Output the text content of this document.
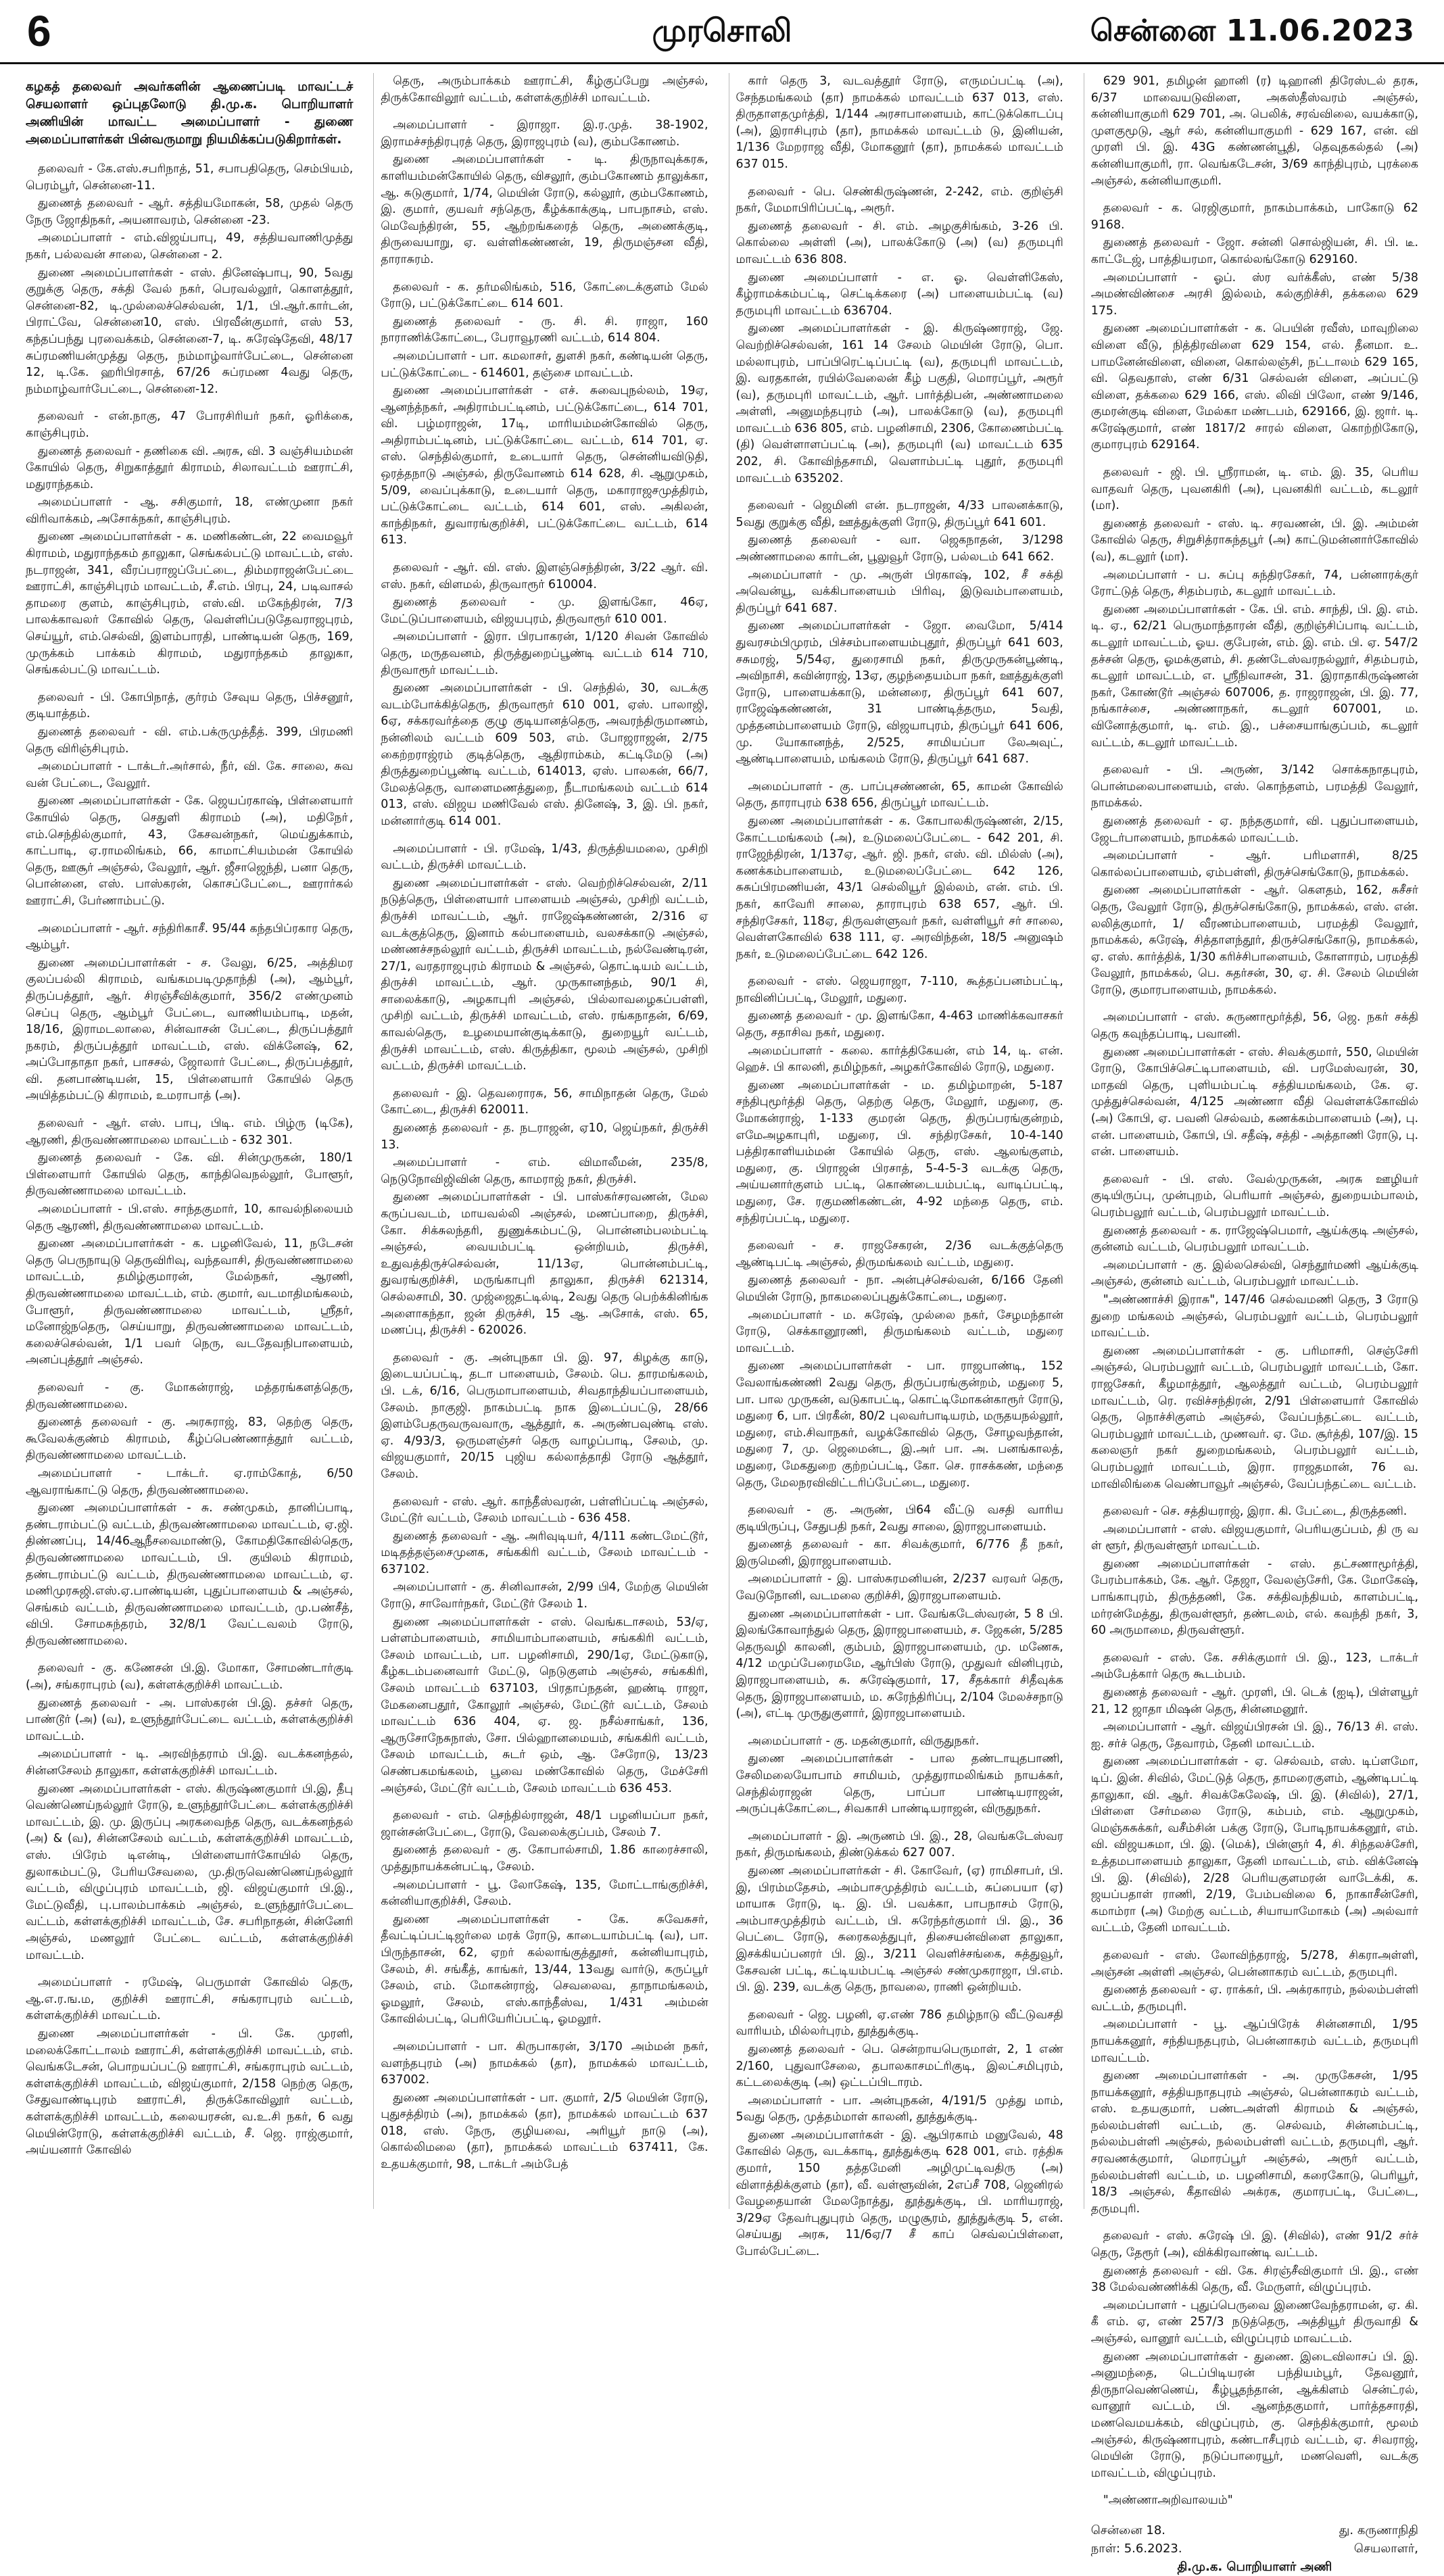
6	முரசொலி	சென்னை 11.06.2023
கழகத் தலைவர் அவர்களின் ஆணைப்படி மாவட்டச் செயலாளர் ஒப்புதலோடு தி.மு.க. பொறியாளர் அணியின் மாவட்ட அமைப்பாளர் - துணை அமைப்பாளர்கள் பின்வருமாறு நியமிக்கப்படுகிறார்கள்.
தலைவர் - கே.எஸ்.சபரிநாத், 51, சபாபதிதெரு, செம்பியம், பெரம்பூர், சென்னை-11.
துணைத் தலைவர் - ஆர். சத்தியமோகன், 58, முதல் தெரு நேரு ஜோதிநகர், அயனாவரம், சென்னை -23.
அமைப்பாளர் - எம்.விஜய்பாபு, 49, சத்தியவாணிமுத்து நகர், பல்லவன் சாலை, சென்னை - 2.
துணை அமைப்பாளர்கள் - எஸ். தினேஷ்பாபு, 90, 5வது குறுக்கு தெரு, சக்தி வேல் நகர், பெரவல்லூர், கொளத்தூர், சென்னை-82, டி.முல்லைச்செல்வன், 1/1, பி.ஆர்.கார்டன், பிராட்வே, சென்னை10, எஸ். பிரவீன்குமார், எஸ் 53, கந்தப்பந்து புரவைக்கம், சென்னை-7, டி. சுரேஷ்தேவி, 48/17 சுப்ரமணியன்முத்து தெரு, நம்மாழ்வார்பேட்டை, சென்னை 12, டி.கே. ஹரிபிரசாத், 67/26 சுப்ரமண 4வது தெரு, நம்மாழ்வார்பேட்டை, சென்னை-12.
தலைவர் - என்.நாகு, 47 போரசிரியர் நகர், ஓரிக்கை, காஞ்சிபுரம்.
துணைத் தலைவர் - தணிகை வி. அரசு, வி. 3 வஞ்சியம்மன் கோயில் தெரு, சிறுகாத்தூர் கிராமம், சிலாவட்டம் ஊராட்சி, மதுராந்தகம்.
அமைப்பாளர் - ஆ. சசிகுமார், 18, எண்முனா நகர் விரிவாக்கம், அசோக்நகர், காஞ்சிபுரம்.
துணை அமைப்பாளர்கள் - க. மணிகண்டன், 22 வைமவூர் கிராமம், மதுராந்தகம் தாலுகா, செங்கல்பட்டு மாவட்டம், எஸ். நடராஜன், 341, வீரப்பராஜப்பேட்டை, திம்மராஜன்பேட்டை ஊராட்சி, காஞ்சிபுரம் மாவட்டம், சீ.எம். பிரபு, 24, படிவாசல் தாமரை குளம், காஞ்சிபுரம், எஸ்.வி. மகேந்திரன், 7/3 பாலக்காவலர் கோவில் தெரு, வெள்ளிப்படுதேவராஜபுரம், செய்யூர், எம்.செல்வி, இளம்பாரதி, பாண்டியன் தெரு, 169, முருக்கம் பாக்கம் கிராமம், மதுராந்தகம் தாலுகா, செங்கல்பட்டு மாவட்டம்.
தலைவர் - பி. கோபிநாத், குர்ரம் சேவுய தெரு, பிச்சனூர், குடியாத்தம்.
துணைத் தலைவர் - வி. எம்.பக்ருமுத்தீத். 399, பிரமணி தெரு விரிஞ்சிபுரம்.
அமைப்பாளர் - டாக்டர்.அர்சால், நீர், வி. கே. சாலை, சுவ வன் பேட்டை, வேலூர்.
துணை அமைப்பாளர்கள் - கே. ஜெயப்ரகாஷ், பிள்ளையார் கோயில் தெரு, செதுளி கிராமம் (அ), மதிநோ், எம்.செந்தில்குமார், 43, கேசவன்நகர், மெய்துக்காம், காட்பாடி, ஏ.ராமலிங்கம், 66, காமாட்சியம்மன் கோயில் தெரு, ஊசூர் அஞ்சல், வேலூர், ஆர். ஜீசாஜெந்தி, பனா தெரு, பொன்னை, எஸ். பாஸ்கரன், கொசப்பேட்டை, ஊரார்கல் ஊராட்சி, பேர்ணாம்பட்டு.
அமைப்பாளர் - ஆர். சந்திரிகாசீ. 95/44 கந்தபிப்ரகார தெரு, ஆம்பூர்.
துணை அமைப்பாளர்கள் - ச. வேலு, 6/25, அத்திமர குலப்பல்லி கிராமம், வங்கமபடிமுதாந்தி (அ), ஆம்பூர், திருப்பத்தூர், ஆர். சிரஞ்சீவிக்குமார், 356/2 எண்முனம் செப்பு தெரு, ஆம்பூர் பேட்டை, வாணியம்பாடி, மதன், 18/16, இராமடலாலை, சின்வாசன் பேட்டை, திருப்பத்தூர் நகரம், திருப்பத்தூர் மாவட்டம், எஸ். விக்னேஷ், 62, அப்போதாதா நகர், பாசசல், ஜோலார் பேட்டை, திருப்பத்தூர், வி. தனபாண்டியன், 15, பிள்ளையார் கோயில் தெரு அயித்தம்பட்டு கிராமம், உமராபாத் (அ).
தலைவர் - ஆர். எஸ். பாபு, பிடி. எம். பிழ்ரு (டிகே), ஆரணி, திருவண்ணாமலை மாவட்டம் - 632 301.
துணைத் தலைவர் - கே. வி. சின்முருகன், 180/1 பிள்ளையார் கோயில் தெரு, காந்திவெநல்லூர், போளூர், திருவண்ணாமலை மாவட்டம்.
அமைப்பாளர் - பி.எஸ். சாந்தகுமார், 10, காவல்நிலையம் தெரு ஆரணி, திருவண்ணாமலை மாவட்டம்.
துணை அமைப்பாளர்கள் - க. பழனிவேல், 11, நடேசன் தெரு பெருநாயுடு தெருவிரிவு, வந்தவாசி, திருவண்ணாமலை மாவட்டம், தமிழ்குமாரன், மேல்நகர், ஆரணி, திருவண்ணாமலை மாவட்டம், எம். குமார், வடமாதிமங்கலம், போளூர், திருவண்ணாமலை மாவட்டம், ஸ்ரீதர், மனோஜ்நதெரு, செய்யாறு, திருவண்ணாமலை மாவட்டம், கலைச்செல்வன், 1/1 பவர் நெரு, வடதேவநிபாளையம், அனப்புத்தூர் அஞ்சல்.
தலைவர் - கு. மோகன்ராஜ், மத்தரங்களத்தெரு, திருவண்ணாமலை.
துணைத் தலைவர் - கு. அரசுராஜ், 83, தெற்கு தெரு, கூவேலக்குண்ம் கிராமம், கீழ்ப்பெண்ணாத்தூர் வட்டம், திருவண்ணாமலை மாவட்டம்.
அமைப்பாளர் - டாக்டர். ஏ.ராம்கோத், 6/50 ஆவராங்காட்டு தெரு, திருவண்ணாமலை.
துணை அமைப்பாளர்கள் - சு. சண்முகம், தானிப்பாடி, தண்டராம்பட்டு வட்டம், திருவண்ணாமலை மாவட்டம், ஏ.ஜி. திண்ணப்பு, 14/46ஆநீசவைமாண்டு, கோமதிகோவில்தெரு, திருவண்ணாமலை மாவட்டம், பி. குயிலம் கிராமம், தண்டராம்பட்டு வட்டம், திருவண்ணாமலை மாவட்டம், ஏ. மணிமுரசுஜி.எஸ்.ஏ.பாண்டியன், புதுப்பாளையம் & அஞ்சல், செங்கம் வட்டம், திருவண்ணாமலை மாவட்டம், மு.பண்சீத், விபி. சோமசுந்தரம், 32/8/1 வேட்டவலம் ரோடு, திருவண்ணாமலை.
தலைவர் - கு. கணேசன் பி.இ. மோகா, சோமண்டார்குடி (அ), சங்கராபுரம் (வ), கள்ளக்குறிச்சி மாவட்டம்.
துணைத் தலைவர் - அ. பாஸ்கரன் பி.இ. தச்சர் தெரு, பாண்டூர் (அ) (வ), உளுந்தூர்பேட்டை வட்டம், கள்ளக்குறிச்சி மாவட்டம்.
அமைப்பாளர் - டி. அரவிந்தராம் பி.இ. வடக்கனந்தல், சின்னசேலம் தாலுகா, கள்ளக்குறிச்சி மாவட்டம்.
துணை அமைப்பாளர்கள் - எஸ். கிருஷ்ணகுமார் பி.இ, தீபு வெண்ணெய்நல்லூர் ரோடு, உளுந்தூர்பேட்டை கள்ளக்குறிச்சி மாவட்டம், இ. மு. இருப்பு அரகவைந்த தெரு, வடக்கனந்தல் (அ) & (வ), சின்னசேலம் வட்டம், கள்ளக்குறிச்சி மாவட்டம், எஸ். பிரேம் டிஎன்டி, பிள்ளையார்கோயில் தெரு, துலாகம்பட்டு, பேரியசேவலை, மு.திருவெண்ணெய்நல்லூர் வட்டம், விழுப்புரம் மாவட்டம், ஜி. விஜய்குமார் பி.இ., மேட்டுவீதி, பு.பாலம்பாக்கம் அஞ்சல், உளுந்தூர்பேட்டை வட்டம், கள்ளக்குறிச்சி மாவட்டம், சே. சபரிநாதன், சின்னேரி அஞ்சல், மணலூர் பேட்டை வட்டம், கள்ளக்குறிச்சி மாவட்டம்.
அமைப்பாளர் - ரமேஷ், பெருமாள் கோவில் தெரு, ஆ.எ.ர.ங.ம, குறிச்சி ஊராட்சி, சங்கராபுரம் வட்டம், கள்ளக்குறிச்சி மாவட்டம்.
துணை அமைப்பாளர்கள் - பி. கே. முரளி, மலைக்கோட்டாலம் ஊராட்சி, கள்ளக்குறிச்சி மாவட்டம், எம். வெங்கடேசன், பொறயப்பட்டு ஊராட்சி, சங்கராபுரம் வட்டம், கள்ளக்குறிச்சி மாவட்டம், விஜய்குமார், 2/158 நெற்கு தெரு, சேதுவாண்டிபுரம் ஊராட்சி, திருக்கோவிலூர் வட்டம், கள்ளக்குறிச்சி மாவட்டம், கலையரசன், வ.உ.சி நகர், 6 வது மெயின்ரோடு, கள்ளக்குறிச்சி வட்டம், சீ. ஜெ. ராஜ்குமார், அய்யனார் கோவில்
தெரு, அரும்பாக்கம் ஊராட்சி, கீழ்குப்பேறு அஞ்சல், திருக்கோவிலூர் வட்டம், கள்ளக்குறிச்சி மாவட்டம்.
அமைப்பாளர் - இராஜா. இ.ர.முத். 38-1902, இராமச்சந்திரபுரத் தெரு, இராஜபுரம் (வ), கும்பகோணம்.
துணை அமைப்பாளர்கள் - டி. திருநாவுக்கரசு, காளியம்மன்கோயில் தெரு, விசலூர், கும்பகோணம் தாலுக்கா, ஆ. சுடுகுமார், 1/74, மெயின் ரோடு, கல்லூர், கும்பகோணம், இ. குமார், குயவர் சந்தெரு, கீழ்க்காக்குடி, பாபநாசம், எஸ். மெவேந்திரன், 55, ஆற்றங்கரைத் தெரு, அணைக்குடி, திருவையாறு, ஏ. வள்ளிகண்ணன், 19, திருமஞ்சன வீதி, தாராசுரம்.
தலைவர் - க. தர்மலிங்கம், 516, கோட்டைக்குளம் மேல் ரோடு, பட்டுக்கோட்டை 614 601.
துணைத் தலைவர் - ரு. சி. சி. ராஜா, 160 நாராணிக்கோட்டை, பேராவூரணி வட்டம், 614 804.
அமைப்பாளர் - பா. கமலாசர், துளசி நகர், கண்டியன் தெரு, பட்டுக்கோட்டை - 614601, தஞ்சை மாவட்டம்.
துணை அமைப்பாளர்கள் - எச். சுவைபுநல்லம், 19ஏ, ஆனந்த்நகர், அதிராம்பட்டினம், பட்டுக்கோட்டை, 614 701, வி. பழ்மராஜன், 17டி, மாரியம்மன்கோவில் தெரு, அதிராம்பட்டினம், பட்டுக்கோட்டை வட்டம், 614 701, ஏ. எஸ். செந்தில்குமார், உடையார் தெரு, சென்னியவிடுதி, ஒரத்தநாடு அஞ்சல், திருவோணம் 614 628, சி. ஆறுமுகம், 5/09, வைப்புக்காடு, உடையார் தெரு, மகாராஜசமுத்திரம், பட்டுக்கோட்டை வட்டம், 614 601, எஸ். அகிலன், காந்திநகர், துவாரங்குறிச்சி, பட்டுக்கோட்டை வட்டம், 614 613.
தலைவர் - ஆர். வி. எஸ். இளஞ்செந்திரன், 3/22 ஆர். வி. எஸ். நகர், விளமல், திருவாரூர் 610004.
துணைத் தலைவர் - மு. இளங்கோ, 46ஏ, மேட்டுப்பாளையம், விஜயபுரம், திருவாரூர் 610 001.
அமைப்பாளர் - இரா. பிரபாகரன், 1/120 சிவன் கோவில் தெரு, மருதவனம், திருத்துறைப்பூண்டி வட்டம் 614 710, திருவாரூர் மாவட்டம்.
துணை அமைப்பாளர்கள் - பி. செந்தில், 30, வடக்கு வடம்போக்கித்தெரு, திருவாரூர் 610 001, ஏஸ். பாலாஜி, 6ஏ, சக்கரவர்த்தை குழு குடியானத்தெரு, அவரந்திருமாணம், நன்னிலம் வட்டம் 609 503, எம். போஜராஜன், 2/75 கைற்றராஜ்ரம் குடித்தெரு, ஆதிராம்கம், கட்டிமேடு (அ) திருத்துறைப்பூண்டி வட்டம், 614013, ஏஸ். பாலகன், 66/7, மேலத்தெரு, வாளைமணத்துறை, நீடாமங்கலம் வட்டம் 614 013, எஸ். விஜய மணிவேல் எஸ். தினேஷ், 3, இ. பி. நகர், மன்னார்குடி 614 001.
அமைப்பாளர் - பி. ரமேஷ், 1/43, திருத்தியமலை, முசிறி வட்டம், திருச்சி மாவட்டம்.
துணை அமைப்பாளர்கள் - எஸ். வெற்றிச்செல்வன், 2/11 நடுத்தெரு, பிள்ளையார் பாளையம் அஞ்சல், முசிறி வட்டம், திருச்சி மாவட்டம், ஆர். ராஜேஷ்கண்ணன், 2/316 ஏ வடக்குத்தெரு, இனாம் கல்பாளையம், வலசக்காடு அஞ்சல், மண்ணச்சநல்லூர் வட்டம், திருச்சி மாவட்டம், நல்வேண்டிரன், 27/1, வரதராஜபுரம் கிராமம் & அஞ்சல், தொட்டியம் வட்டம், திருச்சி மாவட்டம், ஆர். முருகானந்தம், 90/1 சி, சாலைக்காடு, அழகாபுரி அஞ்சல், பில்லாவழைகப்பள்ளி, முசிறி வட்டம், திருச்சி மாவட்டம், எஸ். ரங்கநாதன், 6/69, காவல்தெரு, உழமையான்குடிக்காடு, துறையூர் வட்டம், திருச்சி மாவட்டம், எஸ். கிருத்திகா, மூலம் அஞ்சல், முசிறி வட்டம், திருச்சி மாவட்டம்.
தலைவர் - இ. தெவரைாரசு, 56, சாமிநாதன் தெரு, மேல் கோட்டை, திருச்சி 620011.
துணைத் தலைவர் - த. நடராஜன், ஏ10, ஜெய்நகர், திருச்சி 13.
அமைப்பாளர் - எம். விமாலீமன், 235/8, நெடுநோவிஜிவின் தெரு, காமராஜ் நகர், திருச்சி.
துணை அமைப்பாளர்கள் - பி. பாஸ்கர்சரவணன், மேல கருப்பவடம், மாயவல்லி அஞ்சல், மணப்பாறை, திருச்சி, கோ. சிக்சுலந்தரி, துணுக்கம்பட்டு, பொன்னம்பலம்பட்டி அஞ்சல், வையம்பட்டி ஒன்றியம், திருச்சி, உதுவத்திருச்செல்வன், 11/13ஏ, பொன்னம்பட்டி, துவரங்குறிச்சி, மருங்காபுரி தாலுகா, திருச்சி 621314, செல்லசாமி, 30. முஜ்ஜைதட்டில்டி, 2வது தெரு பெற்க்கினிங்க அளைாகந்தா, ஜன் திருச்சி, 15 ஆ. அசோக், எஸ். 65, மணப்பு, திருச்சி - 620026.
தலைவர் - கு. அன்புநகா பி. இ. 97, கிழக்கு காடு, இடையப்பட்டி, தடா பாளையம், சேலம். பெ. தாரமங்கலம், பி. டக், 6/16, பெருமாபாளையம், சிவதாந்தியப்பாளையம், சேலம். நாகுஜி. நாகம்பட்டி நாக இடைப்பட்டு, 28/66 இளம்பேதருவருவவாரு, ஆத்தூர், க. அருண்பவுண்டி எஸ். ஏ. 4/93/3, ஒருமளஞ்சர் தெரு வாழப்பாடி, சேலம், மு. விஜயகுமார், 20/15 புஜிய கல்லாத்தாதி ரோடு ஆத்தூர், சேலம்.
தலைவர் - எஸ். ஆர். காந்தீஸ்வரன், பள்ளிப்பட்டி அஞ்சல், மேட்டூர் வட்டம், சேலம் மாவட்டம் - 636 458.
துணைத் தலைவர் - ஆ. அரிவுடியர், 4/111 கண்டமேட்டூர், மடிதத்தஞ்சைமுனக, சங்ககிரி வட்டம், சேலம் மாவட்டம் - 637102.
அமைப்பாளர் - கு. சினிவாசன், 2/99 பி4, மேற்கு மெயின் ரோடு, சாவோர்நகர், மேட்டூர் சேலம் 1.
துணை அமைப்பாளர்கள் - எஸ். வெங்கடாசலம், 53/ஏ, பள்ளம்பாளையம், சாமியாம்பாளையம், சங்ககிரி வட்டம், சேலம் மாவட்டம், பா. பழனிசாமி, 290/1ஏ, மேட்டுகாடு, கீழ்கடம்பனைவார் மேட்டு, நெடுகுளம் அஞ்சல், சங்ககிரி, சேலம் மாவட்டம் 637103, பிரதாப்நதன், ஹண்டி ராஜா, மேகனைபதூர், கோலூர் அஞ்சல், மேட்டூர் வட்டம், சேலம் மாவட்டம் 636 404, ஏ. ஜ. நசீல்சாங்கர், 136, ஆருசோநேசுநாஸ், சோ. பில்ஹானமையம், சங்ககிரி வட்டம், சேலம் மாவட்டம், சுடர் ஒம், ஆ. சேரோடு, 13/23 செண்பகமங்கலம், பூவை மண்கோவில் தெரு, மேச்சேரி அஞ்சல், மேட்டூர் வட்டம், சேலம் மாவட்டம் 636 453.
தலைவர் - எம். செந்தில்ராஜன், 48/1 பழனியப்பா நகர், ஜான்சன்பேட்டை, ரோடு, வேலைக்குப்பம், சேலம் 7.
துணைத் தலைவர் - கு. கோபால்சாமி, 1.86 காரைச்சாலி, முத்துநாயக்கன்பட்டி, சேலம்.
அமைப்பாளர் - பூ. லோகேஷ், 135, மோட்டாங்குறிச்சி, கன்னியாகுறிச்சி, சேலம்.
துணை அமைப்பாளர்கள் - கே. சுவேசுசர், தீவட்டிப்பட்டிஜர்லை மரக் ரோடு, காடையாம்பட்டி (வ), பா. பிருந்தாசன், 62, ஏறர் கல்லாங்குத்தூசர், கன்னியாபுரம், சேலம், சி. சங்கீத், காங்கர், 13/44, 13வது வார்டு, கருப்பூர் சேலம், எம். மோகன்ராஜ், செவலைவ, தாநாமங்கலம், ஓமலூர், சேலம், எஸ்.காந்தீஸ்வ, 1/431 அம்மன் கோவில்பட்டி, பெரியேரிப்பட்டி, ஓமலூர்.
அமைப்பாளர் - பா. கிருபாகரன், 3/170 அம்மன் நகர், வளந்தபுரம் (அ) நாமக்கல் (தா), நாமக்கல் மாவட்டம், 637002.
துணை அமைப்பாளர்கள் - பா. குமார், 2/5 மெயின் ரோடு, புதுசத்திரம் (அ), நாமக்கல் (தா), நாமக்கல் மாவட்டம் 637 018, எஸ். நேரு, குழியவை, அரியூர் நாடு (அ), கொல்லிமலை (தா), நாமக்கல் மாவட்டம் 637411, கே. உதயக்குமார், 98, டாக்டர் அம்பேத்
கார் தெரு 3, வடவத்தூர் ரோடு, எருமப்பட்டி (அ), சேந்தமங்கலம் (தா) நாமக்கல் மாவட்டம் 637 013, எஸ். திருதாளதமுர்த்தி, 1/144 அரசாபாளையம், காட்டுக்கொடப்பு (அ), இராசிபுரம் (தா), நாமக்கல் மாவட்டம் டு, இனியன், 1/136 மேறராஜ வீதி, மோகனூர் (தா), நாமக்கல் மாவட்டம் 637 015.
தலைவர் - பெ. செண்கிருஷ்ணன், 2-242, எம். குறிஞ்சி நகர், மேமாபிரிப்பட்டி, அரூர்.
துணைத் தலைவர் - சி. எம். அழகுசிங்கம், 3-26 பி. கொல்லை அள்ளி (அ), பாலக்கோடு (அ) (வ) தருமபுரி மாவட்டம் 636 808.
துணை அமைப்பாளர் - எ. ஓ. வெள்ளிகேஸ், கீழ்ராமக்கம்பட்டி, செட்டிக்கரை (அ) பாளையம்பட்டி (வ) தருமபுரி மாவட்டம் 636704.
துணை அமைப்பாளர்கள் - இ. கிருஷ்ணராஜ், ஜே. வெற்றிச்செல்வன், 161 14 சேலம் மெயின் ரோடு, பொ. மல்லாபுரம், பாப்பிரெட்டிப்பட்டி (வ), தருமபுரி மாவட்டம், இ. வரதகான், ரயில்வேலைன் கீழ் பகுதி, மொரப்பூர், அரூர் (வ), தருமபுரி மாவட்டம், ஆர். பார்த்திபன், அண்ணாமலை அள்ளி, அனுமந்தபுரம் (அ), பாலக்கோடு (வ), தருமபுரி மாவட்டம் 636 805, எம். பழனிசாமி, 2306, கோணைம்பட்டி (தி) வெள்ளாளப்பட்டி (அ), தருமபுரி (வ) மாவட்டம் 635 202, சி. கோவிந்தசாமி, வெளாம்பட்டி புதூர், தருமபுரி மாவட்டம் 635202.
தலைவர் - ஜெமினி என். நடராஜன், 4/33 பாலனக்காடு, 5வது குறுக்கு வீதி, ஊத்துக்குளி ரோடு, திருப்பூர் 641 601.
துணைத் தலைவர் - வா. ஜெகநாதன், 3/1298 அண்ணாமலை கார்டன், பூலுவூர் ரோடு, பல்லடம் 641 662.
அமைப்பாளர் - மு. அருள் பிரகாஷ், 102, சீ சக்தி அவென்யூ, வக்கிபாளையம் பிரிவு, இடுவம்பாளையம், திருப்பூர் 641 687.
துணை அமைப்பாளர்கள் - ஜோ. வைமோ, 5/414 துவரசம்பிமுரம், பிச்சம்பாளையம்புதூர், திருப்பூர் 641 603, சசுமரஜ், 5/54ஏ, துரைசாமி நகர், திருமுருகன்பூண்டி, அவிநாசி, கவின்ராஜ், 13ஏ, குழந்தையம்பா நகர், ஊத்துக்குளி ரோடு, பாளையக்காடு, மன்னரை, திருப்பூர் 641 607, ராஜேஷ்கண்ணன், 31 பாண்டித்தரும, 5வதி, முத்தனம்பாளையம் ரோடு, விஜயாபுரம், திருப்பூர் 641 606, மு. யோகானந்த், 2/525, சாமியப்பா லேஅவுட், ஆண்டிபாளையம், மங்கலம் ரோடு, திருப்பூர் 641 687.
அமைப்பாளர் - கு. பாப்புசண்ணன், 65, காமன் கோவில் தெரு, தாராபுரம் 638 656, திருப்பூர் மாவட்டம்.
துணை அமைப்பாளர்கள் - க. கோபாலகிருஷ்ணன், 2/15, கோட்டமங்கலம் (அ), உடுமலைப்பேட்டை - 642 201, சி. ராஜேந்திரன், 1/137ஏ, ஆர். ஜி. நகர், எஸ். வி. மில்ஸ் (அ), கணக்கம்பாளையம், உடுமலைப்பேட்டை 642 126, சுசுப்பிரமணியன், 43/1 செல்லியூர் இல்லம், என். எம். பி. நகர், காவேரி சாலை, தாராபுரம் 638 657, ஆர். பி. சந்திரசேகர், 118ஏ, திருவள்ளுவர் நகர், வள்ளியூர் சர் சாலை, வெள்ளகோவில் 638 111, ஏ. அரவிந்தன், 18/5 அனுஷம் நகர், உடுமலைப்பேட்டை 642 126.
தலைவர் - எஸ். ஜெயராஜா, 7-110, கூத்தப்பனம்பட்டி, நாவினிப்பட்டி, மேலூர், மதுரை.
துணைத் தலைவர் - மு. இளங்கோ, 4-463 மாணிக்கவாசகர் தெரு, சதாசிவ நகர், மதுரை.
அமைப்பாளர் - கலை. கார்த்திகேயன், எம் 14, டி. என். ஹெச். பி காலனி, தமிழ்நகர், அழகர்கோவில் ரோடு, மதுரை.
துணை அமைப்பாளர்கள் - ம. தமிழ்மாறன், 5-187 சந்திபுமூர்த்தி தெரு, தெற்கு தெரு, மேலூர், மதுரை, கு. மோகன்ராஜ், 1-133 குமரன் தெரு, திருப்பரங்குன்றம், எமேஅழகாபுரி, மதுரை, பி. சந்திரசேகர், 10-4-140 பத்திரகாளியம்மன் கோயில் தெரு, எஸ். ஆலங்குளம், மதுரை, கு. பிராஜன் பிரசாத், 5-4-5-3 வடக்கு தெரு, அய்யனார்குளம் பட்டி, கொண்டையம்பட்டி, வாடிப்பட்டி, மதுரை, சே. ரகுமணிகண்டன், 4-92 மந்தை தெரு, எம். சந்திரப்பட்டி, மதுரை.
தலைவர் - ச. ராஜசேகரன், 2/36 வடக்குத்தெரு ஆண்டிபட்டி அஞ்சல், திருமங்கலம் வட்டம், மதுரை.
துணைத் தலைவர் - நா. அன்புச்செல்வன், 6/166 தேனி மெயின் ரோடு, நாகமலைப்புதுக்கோட்டை, மதுரை.
அமைப்பாளர் - ம. சுரேஷ், முல்லை நகர், சேழமந்தான் ரோடு, செக்கானூரணி, திருமங்கலம் வட்டம், மதுரை மாவட்டம்.
துணை அமைப்பாளர்கள் - பா. ராஜபாண்டி, 152 வேலாங்கண்ணி 2வது தெரு, திருப்பரங்குன்றம், மதுரை 5, பா. பால முருகன், வடுகாபட்டி, கொட்டிமோகன்காரூர் ரோடு, மதுரை 6, பா. பிரகீன், 80/2 புலவர்பாடியரம், மருதயநல்லூர், மதுரை, எம்.சிவாநகர், வழக்கோவில் தெரு, சோழவந்தான், மதுரை 7, மு. ஜெமைன்ட, இ.அர் பா. அ. பனங்காலத், மதுரை, மேகதுறை குற்றப்பட்டி, கோ. செ. ராசக்கண், மந்தை தெரு, மேலநரவிவிட்டரிப்பேட்டை, மதுரை.
தலைவர் - கு. அருண், பி64 வீட்டு வசதி வாரிய குடியிருப்பு, சேதுபதி நகர், 2வது சாலை, இராஜபாளையம்.
துணைத் தலைவர் - கா. சிவக்குமார், 6/776 தீ நகர், இருமெனி, இராஜபாளையம்.
அமைப்பாளர் - இ. பாஸ்சுரமனியன், 2/237 வரவர் தெரு, வேடுநோனி, வடமலை குறிச்சி, இராஜபாளையம்.
துணை அமைப்பாளர்கள் - பா. வேங்கடேஸ்வரன், 5 8 பி. இலங்கோவாந்துல் தெரு, இராஜபாளையம், ச. ஜேகன், 5/285 தெருவழி காலனி, கும்பம், இராஜபாளையம், மு. மணேசு, 4/12 மமுப்பேரைமமே, ஆர்பிஸ் ரோடு, முதுவர் வினிபுரம், இராஜபாளையம், சு. சுரேஷ்குமார், 17, சீதக்கார் சிதீவுக்க தெரு, இராஜபாளையம், ம. சுரேந்திரிப்பு, 2/104 மேலச்சநாடு (அ), எட்டி முருதுகுளார், இராஜபாளையம்.
அமைப்பாளர் - கு. மதன்குமார், விருதுநகர்.
துணை அமைப்பாளர்கள் - பால தண்டாயுதபாணி, சேலிமலையோபாம் சாமியம், முத்துராமலிங்கம் நாயக்கர், செந்தில்ராஜன் தெரு, பாப்பா பாண்டியராஜன், அருப்புக்கோட்டை, சிவகாசி பாண்டியராஜன், விருதுநகர்.
அமைப்பாளர் - இ. அருணம் பி. இ., 28, வெங்கடேஸ்வர நகர், திருமங்கலம், திண்டுக்கல் 627 007.
துணை அமைப்பாளர்கள் - சி. கோவேர், (ஏ) ராமிசாபர், பி. இ, பிரம்மதேசம், அம்பாசமுத்திரம் வட்டம், சுப்பையா (ஏ) மாயாசு ரோடு, டி. இ. பி. பவக்கா, பாபநாசம் ரோடு, அம்பாசமுத்திரம் வட்டம், பி. சுரேந்தர்குமார் பி. இ., 36 பெட்டை ரோடு, சுரைகலத்துபுர், திசையன்விளை தாலுகா, இசக்கியப்பனரர் பி. இ., 3/211 வெளிச்சங்கை, சுத்துவூர், கேசவன் பட்டி, கட்டியம்பட்டி அஞ்சல் சண்முகராஜா, பி.எம். பி. இ. 239, வடக்கு தெரு, நாவலை, ராணி ஒன்றியம்.
தலைவர் - ஜெ. பழனி, ஏ.எண் 786 தமிழ்நாடு வீட்டுவசதி வாரியம், மில்லர்புரம், தூத்துக்குடி.
துணைத் தலைவர் - பெ. சென்றாயபெருமாள், 2, 1 எண் 2/160, புதுவாசேலை, தபாலகாசமட்ரிகுடி, இலட்சமிபுரம், கட்டலைக்குடி (அ) ஒட்டப்பிடாரம்.
அமைப்பாளர் - பா. அன்புநகன், 4/191/5 முத்து மாம், 5வது தெரு, முத்தம்மாள் காலனி, தூத்துக்குடி.
துணை அமைப்பாளர்கள் - இ. ஆபிரகாம் மனுவேல், 48 கோவில் தெரு, வடக்காடி, தூத்துக்குடி 628 001, எம். ரத்திசு குமார், 150 தத்தமேனி அழிமுட்டிவதிரு (அ) விளாத்திக்குளம் (தா), வீ. வள்ளூவின், 2எப்சீ 708, ஜெனிரல் வேழதையான் மேலநோத்து, தூத்துக்குடி, பி. மாரியராஜ், 3/29ஏ தேவர்புதுபுரம் தெரு, மழுசூரம், தூத்துக்குடி 5, என். செய்யது அரசு, 11/6ஏ/7 சீ காப் செவ்லப்பிள்ளை, போல்பேட்டை.
629 901, தமிழன் ஹானி (ர) டிஹானி திரேஸ்டல் தரசு, 6/37 மாவையடுவிளை, அகஸ்தீஸ்வரம் அஞ்சல், கன்னியாகுமரி 629 701, அ. பெலிக், சரவ்விலை, வயக்காடு, முளகுமூடு, ஆர் சல், கன்னியாகுமரி - 629 167, என். வி முரளி பி. இ. 43G கண்ணன்பூதி, தெவுதகல்தல் (அ) கன்னியாகுமரி, ரா. வெங்கடேசன், 3/69 காந்திபுரம், புரக்கை அஞ்சல், கன்னியாகுமரி.
தலைவர் - க. ரெஜிகுமார், நாகம்பாக்கம், பாகோடு 62 9168.
துணைத் தலைவர் - ஜோ. சன்னி சொல்ஜியன், சி. பி. டீ. காட்டேஜ், பாத்தியரமா, கொல்லங்கோடு 629160.
அமைப்பாளர் - ஓப். ஸ்ர வர்க்கீஸ், எண் 5/38 அமண்விண்சை அரசி இல்லம், கல்குறிச்சி, தக்கலை 629 175.
துணை அமைப்பாளர்கள் - க. பெயின் ரவீஸ், மாவுறிலை விளை வீடு, நித்திரவிளை 629 154, எல். தீனமா. உ. பாமனேன்விளை, வினை, கொல்லஞ்சி, நட்டாலம் 629 165, வி. தெவதாஸ், எண் 6/31 செல்வன் விளை, அப்பட்டு விளை, தக்கலை 629 166, எஸ். லிவி பிலோ, எண் 9/146, குமரன்குடி விளை, மேல்கா மண்டபம், 629166, இ. ஜார். டி. சுரேஷ்குமார், எண் 1817/2 சாரல் விளை, கொற்றிகோடு, குமாரபுரம் 629164.
தலைவர் - ஜி. பி. ஸ்ரீராமன், டி. எம். இ. 35, பெரிய வாதவர் தெரு, புவனகிரி (அ), புவனகிரி வட்டம், கடலூர் (மா).
துணைத் தலைவர் - எஸ். டி. சரவணன், பி. இ. அம்மன் கோவில் தெரு, சிறுசித்ராசுந்தபூர் (அ) காட்டுமன்னார்கோவில் (வ), கடலூர் (மா).
அமைப்பாளர் - ப. சுப்பு சுந்திரசேகர், 74, பன்னாரக்குர் ரோட்டுத் தெரு, சிதம்பரம், கடலூர் மாவட்டம்.
துணை அமைப்பாளர்கள் - கே. பி. எம். சாந்தி, பி. இ. எம். டி. ஏ., 62/21 பெருமாந்தாரன் வீதி, குறிஞ்சிப்பாடி வட்டம், கடலூர் மாவட்டம், ஓய. குபேரன், எம். இ. எம். பி. ஏ. 547/2 தச்சன் தெரு, ஓமக்குளம், சி. தண்டேஸ்வரநல்லூர், சிதம்பரம், கடலூர் மாவட்டம், எ. ஸ்ரீநிவாசன், 31. இராதாகிருஷ்ணன் நகர், கோண்டூர் அஞ்சல் 607006, த. ராஜராஜன், பி. இ. 77, நங்காச்சை, அண்ணாநகர், கடலூர் 607001, ம. வினோத்குமார், டி. எம். இ., பச்சையாங்குப்பம், கடலூர் வட்டம், கடலூர் மாவட்டம்.
தலைவர் - பி. அருண், 3/142 சொக்கநாதபுரம், பொன்மலைபாளையம், எஸ். கொந்தளம், பரமத்தி வேலூர், நாமக்கல்.
துணைத் தலைவர் - ஏ. நந்தகுமார், வி. புதுப்பாளையம், ஜேடர்பாளையம், நாமக்கல் மாவட்டம்.
அமைப்பாளர் - ஆர். பரிமளாசி, 8/25 கொல்லப்பாளையம், ஏம்பள்ளி, திருச்செங்கோடு, நாமக்கல்.
துணை அமைப்பாளர்கள் - ஆர். கௌதம், 162, சுசீசர் தெரு, வேலூர் ரோடு, திருச்செங்கோடு, நாமக்கல், எஸ். என். லலித்குமார், 1/ வீரணம்பாளையம், பரமத்தி வேலூர், நாமக்கல், சுரேஷ், சித்தாளந்தூர், திருச்செங்கோடு, நாமக்கல், ஏ. எஸ். கார்த்திக், 1/30 கரிச்சிபாளையம், கோளாரம், பரமத்தி வேலூர், நாமக்கல், பெ. சுதர்சன், 30, ஏ. சி. சேலம் மெயின் ரோடு, குமாரபாளையம், நாமக்கல்.
அமைப்பாளர் - எஸ். சுருணாமூர்த்தி, 56, ஜெ. நகர் சக்தி தெரு கவுந்தப்பாடி, பவானி.
துணை அமைப்பாளர்கள் - எஸ். சிவக்குமார், 550, மெயின் ரோடு, கோபிச்செட்டிபாளையம், வி. பரமேஸ்வரன், 30, மாதவி தெரு, புளியம்பட்டி சத்தியமங்கலம், கே. ஏ. முத்துச்செல்வன், 4/125 அண்ணா வீதி வெள்ளக்கோவில் (அ) கோபி, ஏ. பவனி செல்வம், கணக்கம்பாளையம் (அ), பு. என். பாளையம், கோபி, பி. சதீஷ், சத்தி - அத்தாணி ரோடு, பு. என். பாளையம்.
தலைவர் - பி. எஸ். வேல்முருகன், அரசு ஊழியர் குடியிருப்பு, முன்புறம், பெரியார் அஞ்சல், துறையம்பாலம், பெரம்பலூர் வட்டம், பெரம்பலூர் மாவட்டம்.
துணைத் தலைவர் - க. ராஜேஷ்பெமார், ஆய்க்குடி அஞ்சல், குன்னம் வட்டம், பெரம்பலூர் மாவட்டம்.
அமைப்பாளர் - கு. இல்லசெல்வி, செந்தூர்மணி ஆய்க்குடி அஞ்சல், குன்னம் வட்டம், பெரம்பலூர் மாவட்டம்.
"அண்ணாச்சி இராசு", 147/46 செல்வமணி தெரு, 3 ரோடு துறை மங்கலம் அஞ்சல், பெரம்பலூர் வட்டம், பெரம்பலூர் மாவட்டம்.
துணை அமைப்பாளர்கள் - கு. பரிமாசரி, செஞ்சேரி அஞ்சல், பெரம்பலூர் வட்டம், பெரம்பலூர் மாவட்டம், கோ. ராஜசேகர், கீழமாத்தூர், ஆலத்தூர் வட்டம், பெரம்பலூர் மாவட்டம், ரெ. ரவிச்சந்திரன், 2/91 பிள்ளையார் கோவில் தெரு, நொச்சிகுளம் அஞ்சல், வேப்பந்தட்டை வட்டம், பெரம்பலூர் மாவட்டம், முணவர். ஏ. மே. சூர்த்தி, 107/இ. 15 கலைஞர் நகர் துறைமங்கலம், பெரம்பலூர் வட்டம், பெரம்பலூர் மாவட்டம், இரா. ராஜதமான், 76 வ. மாவிலிங்கை வெண்பாவூர் அஞ்சல், வேப்பந்தட்டை வட்டம்.
தலைவர் - செ. சத்தியராஜ், இரா. கி. பேட்டை, திருத்தணி.
அமைப்பாளர் - எஸ். விஜயகுமார், பெரியகுப்பம், தி ரு வ ள் ளூர், திருவள்ளூர் மாவட்டம்.
துணை அமைப்பாளர்கள் - எஸ். தட்சணாமூர்த்தி, பேரம்பாக்கம், கே. ஆர். தேஜா, வேலஞ்சேரி, கே. மோகேஷ், பாங்காபுரம், திருத்தணி, கே. சக்திவந்தியம், காளம்பட்டி, மர்ரன்மேத்து, திருவள்ளூர், தண்டலம், எல். கவந்தி நகர், 3, 60 அருமாமை, திருவள்ளூர்.
தலைவர் - எஸ். கே. சசிக்குமார் பி. இ., 123, டாக்டர் அம்பேத்கார் தெரு கூடம்பம்.
துணைத் தலைவர் - ஆர். முரளி, பி. டெக் (ஐடி), பிள்ளயூர் 21, 12 ஜாதா மிஷன் தெரு, சின்னமனூர்.
அமைப்பாளர் - ஆர். விஜய்பிரசன் பி. இ., 76/13 சி. எஸ். ஐ. சர்ச் தெரு, தேவாரம், தேனி மாவட்டம்.
துணை அமைப்பாளர்கள் - ஏ. செல்வம், எஸ். டிப்ளமோ, டிப். இன். சிவில், மேட்டுத் தெரு, தாமரைகுளம், ஆண்டிபட்டி தாலுகா, வி. ஆர். சிவக்கேலேஷ், பி. இ. (சிவில்), 27/1, பிள்ளை சேர்மலை ரோடு, கம்பம், எம். ஆறுமுகம், மெஞ்சுசுக்கர், வசீம்சின் பக்கு ரோடு, போடிநாயக்கனூர், எம். வி. விஜயசுமா, பி. இ. (மெக்), பின்ளுர் 4, சி. சிந்தலச்சேரி, உத்தமபாளையம் தாலுகா, தேனி மாவட்டம், எம். விக்னேஷ் பி. இ. (சிவில்), 2/28 பெரியகுளமரன் வாடேக்கி, க. ஜயப்பதாள் ராணி, 2/19, பேம்பவிலை 6, நாகாசீன்சேரி, கமாம்ரா (அ) மேற்கு வட்டம், சியாயாமோகம் (அ) அல்வார் வட்டம், தேனி மாவட்டம்.
தலைவர் - எஸ். லோவிந்தராஜ், 5/278, சிகராஅள்ளி, அஞ்சன் அள்ளி அஞ்சல், பென்னாகரம் வட்டம், தருமபுரி.
துணைத் தலைவர் - ஏ. ராக்கர், பி. அக்ரகாரம், நல்லம்பள்ளி வட்டம், தருமபுரி.
அமைப்பாளர் - பூ. ஆப்பிரேக் சின்னசாமி, 1/95 நாயக்கனூர், சந்தியநதபுரம், பென்னாகரம் வட்டம், தருமபுரி மாவட்டம்.
துணை அமைப்பாளர்கள் - அ. முருகேசன், 1/95 நாயக்கனூர், சத்தியநாதபுரம் அஞ்சல், பென்னாகரம் வட்டம், எஸ். உதயகுமார், பண்டஅள்ளி கிராமம் & அஞ்சல், நல்லம்பள்ளி வட்டம், கு. செல்வம், சின்னம்பட்டி, நல்லம்பள்ளி அஞ்சல், நல்லம்பள்ளி வட்டம், தருமபுரி, ஆர். சரவணக்குமார், மொரப்பூர் அஞ்சல், அரூர் வட்டம், நல்லம்பள்ளி வட்டம், ம. பழனிசாமி, கரைகோடு, பெரியூர், 18/3 அஞ்சல், கீதாவில் அக்ரக, குமாரபட்டி, பேட்டை, தருமபுரி.
தலைவர் - எஸ். சுரேஷ் பி. இ. (சிவில்), எண் 91/2 சர்ச் தெரு, தேரூர் (அ), விக்கிரவாண்டி வட்டம்.
துணைத் தலைவர் - வி. கே. சிரஞ்சீவிகுமார் பி. இ., எண் 38 மேல்வண்ணிக்கி தெரு, வீ. மேருளர், விழுப்புரம்.
அமைப்பாளர் - புதுப்பெருவை இணைவேந்தராமன், ஏ. கி. கீ எம். ஏ, எண் 257/3 நடுத்தெரு, அத்தியூர் திருவாதி & அஞ்சல், வானூர் வட்டம், விழுப்புரம் மாவட்டம்.
துணை அமைப்பாளர்கள் - துணை. இடைவிலாசப் பி. இ. அனுமந்தை, டெப்பிடியரன் பந்தியம்பூர், தேவனூர், திருநாவெண்ணெய், கீழ்பூதந்தான், ஆக்கிளம் சென்ட்ரல், வானூர் வட்டம், பி. ஆனந்தகுமார், பார்த்தசாரதி, மணவெமயக்கம், விழுப்புரம், கு. செந்திக்குமார், மூலம் அஞ்சல், கிருஷ்ணாபுரம், கண்டாசீபுரம் வட்டம், ஏ. சிவராஜ், மெயின் ரோடு, நடுப்பாரையூர், மணவெளி, வடக்கு மாவட்டம், விழுப்புரம்.
"அண்ணாஅறிவாலயம்"
சென்னை 18.	து. கருணாநிதி
நாள்: 5.6.2023.	செயலாளர்,
தி.மு.க. பொறியாளர் அணி
